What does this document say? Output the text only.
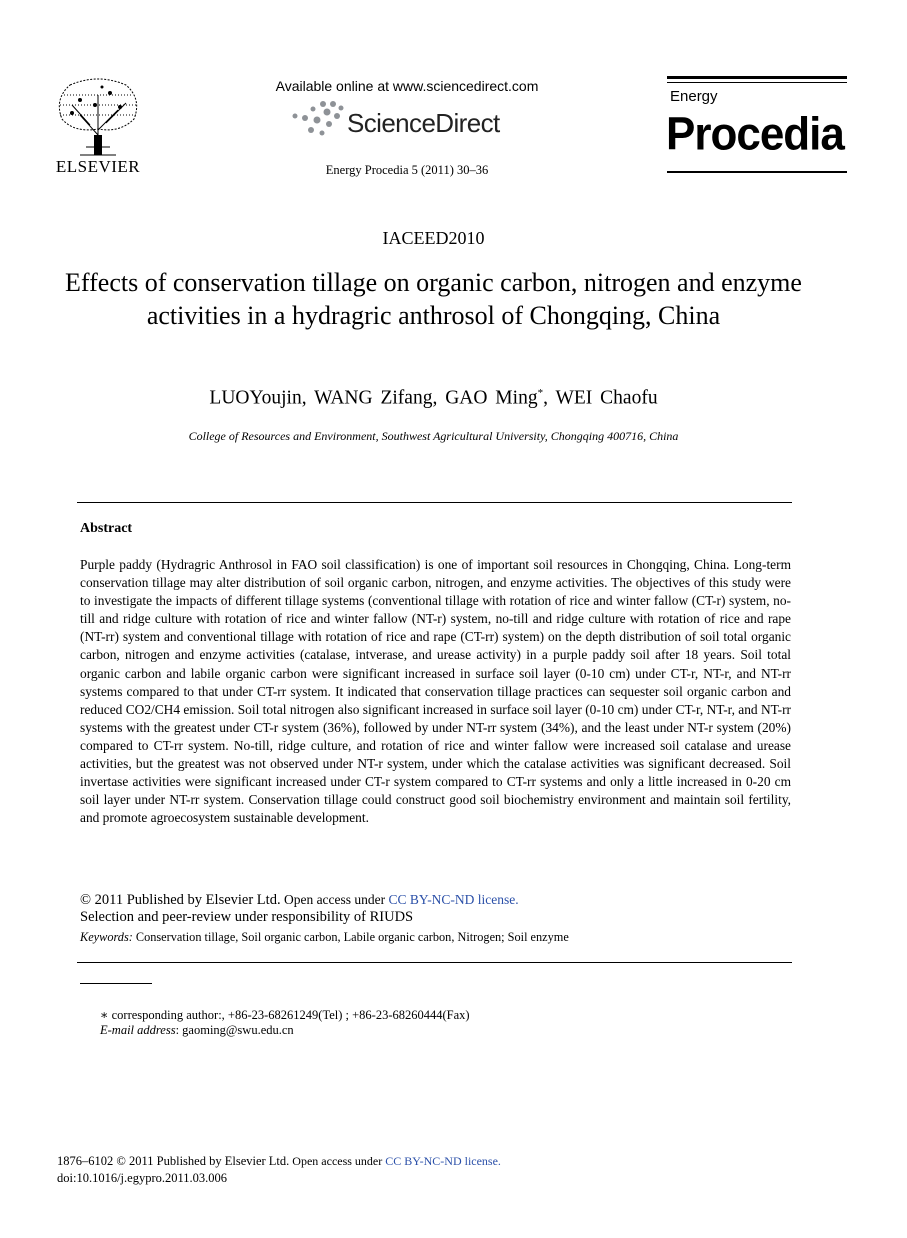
ELSEVIER
Available online at www.sciencedirect.com
ScienceDirect
Energy Procedia 5 (2011) 30–36
Energy
Procedia
IACEED2010
Effects of conservation tillage on organic carbon, nitrogen and enzyme activities in a hydragric anthrosol of Chongqing, China
LUOYoujin, WANG Zifang, GAO Ming*, WEI Chaofu
College of Resources and Environment, Southwest Agricultural University, Chongqing 400716, China
Abstract
Purple paddy (Hydragric Anthrosol in FAO soil classification) is one of important soil resources in Chongqing, China. Long-term conservation tillage may alter distribution of soil organic carbon, nitrogen, and enzyme activities. The objectives of this study were to investigate the impacts of different tillage systems (conventional tillage with rotation of rice and winter fallow (CT-r) system, no-till and ridge culture with rotation of rice and winter fallow (NT-r) system, no-till and ridge culture with rotation of rice and rape (NT-rr) system and conventional tillage with rotation of rice and rape (CT-rr) system) on the depth distribution of soil total organic carbon, nitrogen and enzyme activities (catalase, intverase, and urease activity) in a purple paddy soil after 18 years. Soil total organic carbon and labile organic carbon were significant increased in surface soil layer (0-10 cm) under CT-r, NT-r, and NT-rr systems compared to that under CT-rr system. It indicated that conservation tillage practices can sequester soil organic carbon and reduced CO2/CH4 emission. Soil total nitrogen also significant increased in surface soil layer (0-10 cm) under CT-r, NT-r, and NT-rr systems with the greatest under CT-r system (36%), followed by under NT-rr system (34%), and the least under NT-r system (20%) compared to CT-rr system. No-till, ridge culture, and rotation of rice and winter fallow were increased soil catalase and urease activities, but the greatest was not observed under NT-r system, under which the catalase activities was significant decreased. Soil invertase activities were significant increased under CT-r system compared to CT-rr systems and only a little increased in 0-20 cm soil layer under NT-rr system. Conservation tillage could construct good soil biochemistry environment and maintain soil fertility, and promote agroecosystem sustainable development.
© 2011 Published by Elsevier Ltd. Open access under CC BY-NC-ND license.
Selection and peer-review under responsibility of RIUDS
Keywords: Conservation tillage, Soil organic carbon, Labile organic carbon, Nitrogen; Soil enzyme
∗ corresponding author:, +86-23-68261249(Tel) ; +86-23-68260444(Fax)
E-mail address: gaoming@swu.edu.cn
1876–6102 © 2011 Published by Elsevier Ltd. Open access under CC BY-NC-ND license.
doi:10.1016/j.egypro.2011.03.006
